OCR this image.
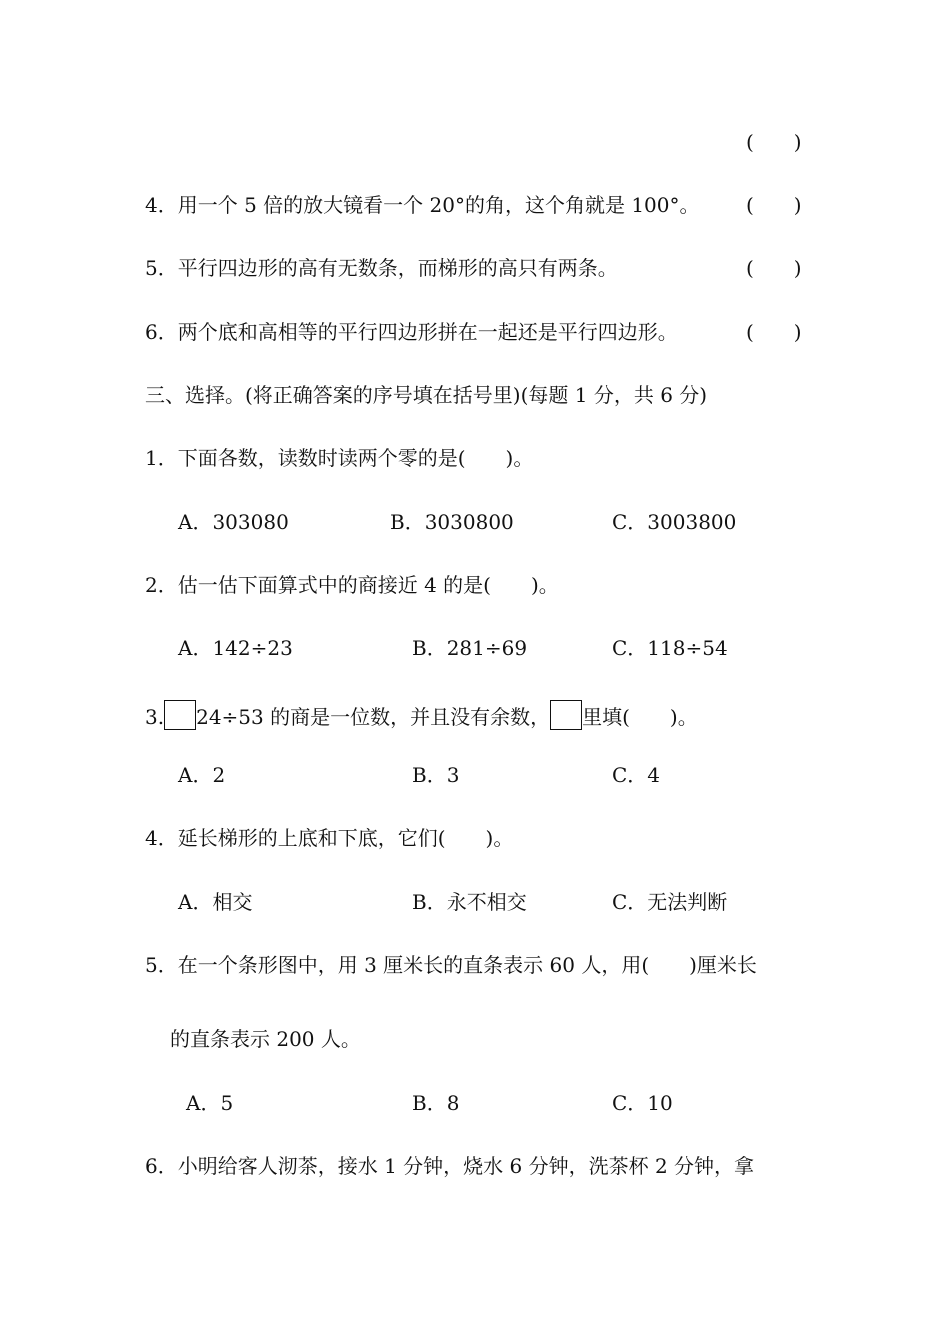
(　　)
4．用一个 5 倍的放大镜看一个 20°的角，这个角就是 100°。 (　　)
5．平行四边形的高有无数条，而梯形的高只有两条。	(　　)
6．两个底和高相等的平行四边形拼在一起还是平行四边形。	(　　)
三、选择。(将正确答案的序号填在括号里)(每题 1 分，共 6 分)
1．下面各数，读数时读两个零的是(　　)。
A．303080	B．3030800	C．3003800
2．估一估下面算式中的商接近 4 的是(　　)。
A．142÷23	B．281÷69	C．118÷54
3. 24÷53 的商是一位数，并且没有余数， 里填(　　)。
A．2	B．3	C．4
4．延长梯形的上底和下底，它们(　　)。
A．相交	B．永不相交	C．无法判断
5．在一个条形图中，用 3 厘米长的直条表示 60 人，用(　　)厘米长
的直条表示 200 人。
A．5	B．8	C．10
6．小明给客人沏茶，接水 1 分钟，烧水 6 分钟，洗茶杯 2 分钟，拿
